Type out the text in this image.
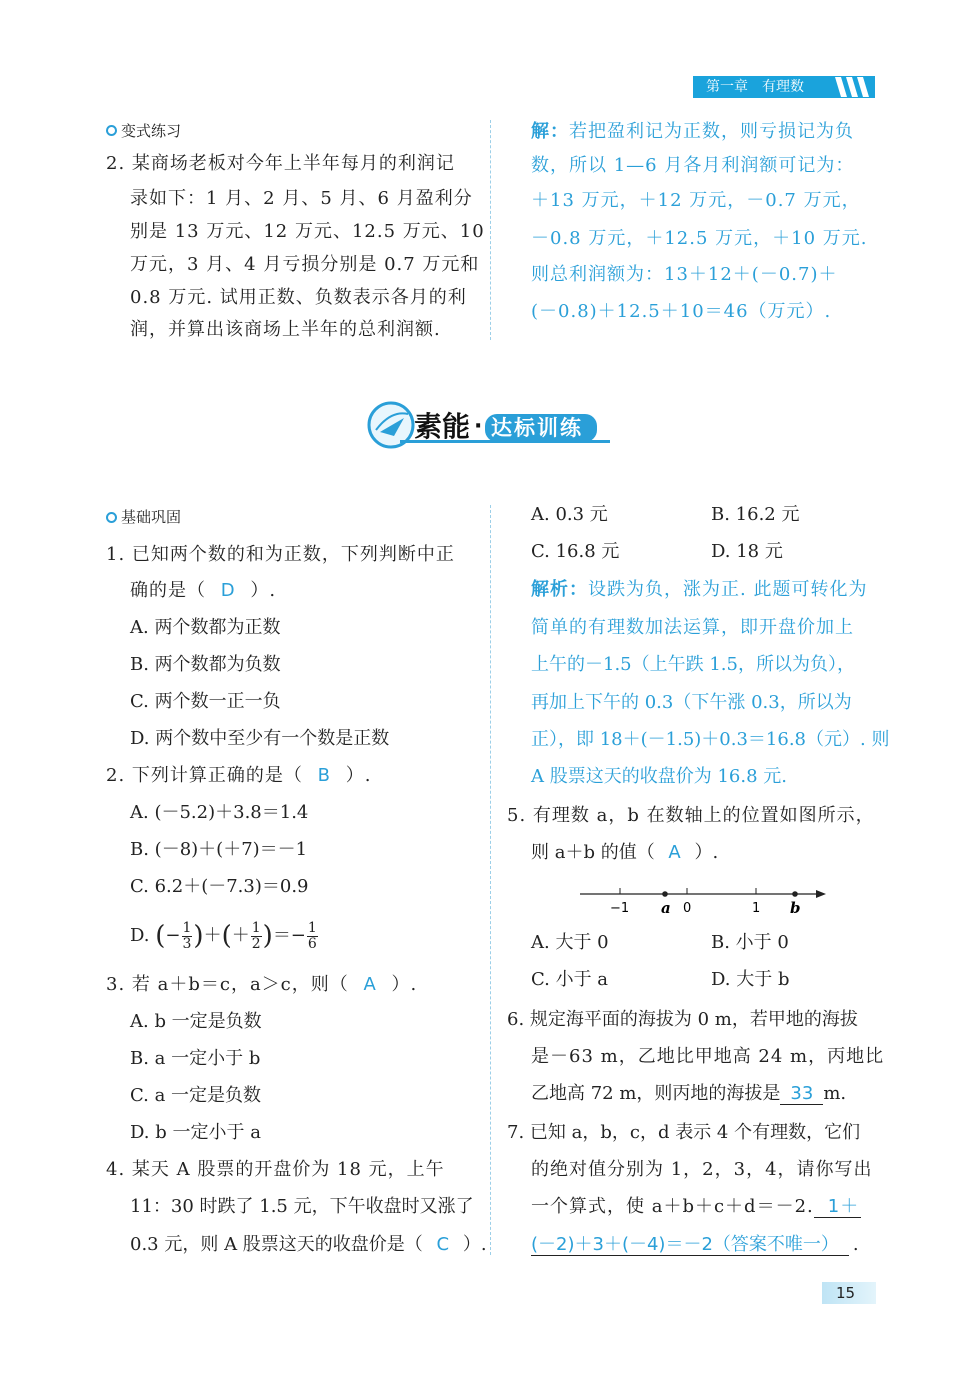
第一章　有理数
变式练习
2. 某商场老板对今年上半年每月的利润记
录如下：1 月、2 月、5 月、6 月盈利分
别是 13 万元、12 万元、12.5 万元、10
万元，3 月、4 月亏损分别是 0.7 万元和
0.8 万元. 试用正数、负数表示各月的利
润，并算出该商场上半年的总利润额.
解：若把盈利记为正数，则亏损记为负
数，所以 1—6 月各月利润额可记为：
＋13 万元，＋12 万元，－0.7 万元，
－0.8 万元，＋12.5 万元，＋10 万元.
则总利润额为：13＋12＋(－0.7)＋
(－0.8)＋12.5＋10＝46（万元）.
素能 · 达标训练
基础巩固
1. 已知两个数的和为正数，下列判断中正
确的是（ D ）.
A. 两个数都为正数
B. 两个数都为负数
C. 两个数一正一负
D. 两个数中至少有一个数是正数
2. 下列计算正确的是（ B ）.
A. (－5.2)＋3.8＝1.4
B. (－8)＋(＋7)＝－1
C. 6.2＋(－7.3)＝0.9
D. (− $\frac{1}{3}$ )＋(＋ $\frac{1}{2}$ )＝− $\frac{1}{6}$
3. 若 a＋b＝c，a＞c，则（ A ）.
A. b 一定是负数
B. a 一定小于 b
C. a 一定是负数
D. b 一定小于 a
4. 某天 A 股票的开盘价为 18 元，上午
11：30 时跌了 1.5 元，下午收盘时又涨了
0.3 元，则 A 股票这天的收盘价是（ C ）.
A. 0.3 元	B. 16.2 元
C. 16.8 元	D. 18 元
解析：设跌为负，涨为正. 此题可转化为
简单的有理数加法运算，即开盘价加上
上午的－1.5（上午跌 1.5，所以为负），
再加上下午的 0.3（下午涨 0.3，所以为
正），即 18＋(－1.5)＋0.3＝16.8（元）. 则
A 股票这天的收盘价为 16.8 元.
5. 有理数 a，b 在数轴上的位置如图所示，
则 a＋b 的值（ A ）.
−1 a 0	1 b
A. 大于 0	B. 小于 0
C. 小于 a	D. 大于 b
6. 规定海平面的海拔为 0 m，若甲地的海拔
是－63 m，乙地比甲地高 24 m，丙地比
乙地高 72 m，则丙地的海拔是 33 m.
7. 已知 a，b，c，d 表示 4 个有理数，它们
的绝对值分别为 1，2，3，4，请你写出
一个算式，使 a＋b＋c＋d＝－2. 1＋
(－2)＋3＋(－4)＝－2（答案不唯一） .
15
